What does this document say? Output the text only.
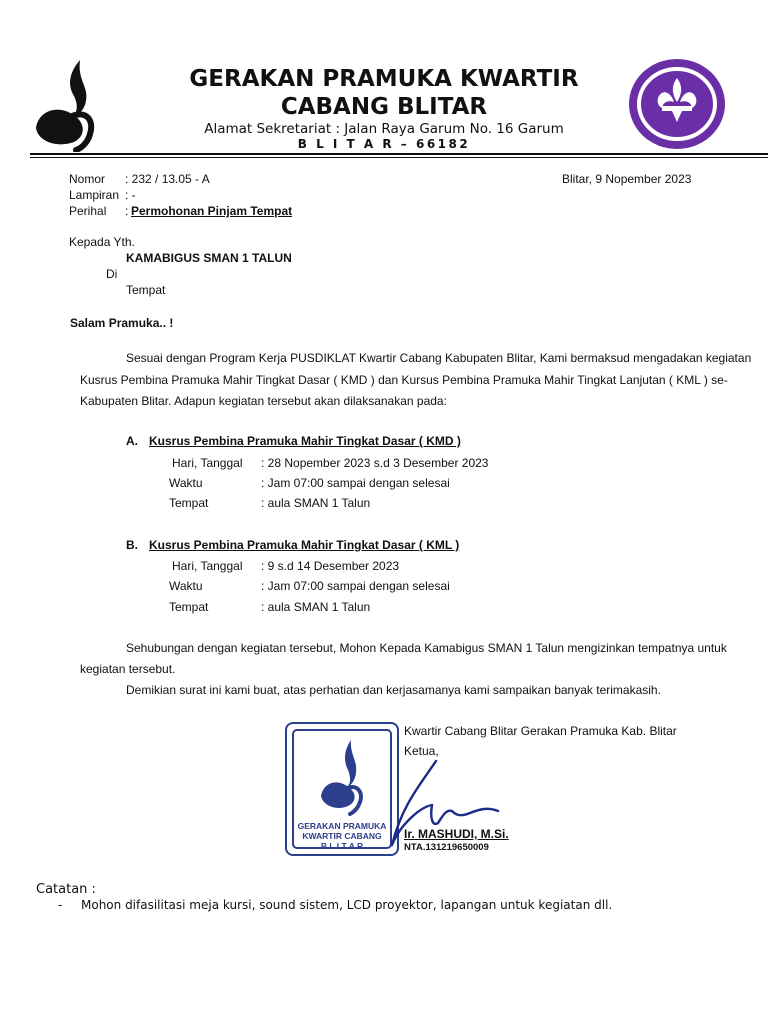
GERAKAN PRAMUKA KWARTIR
CABANG BLITAR
Alamat Sekretariat : Jalan Raya Garum No. 16 Garum
B L I T A R – 66182
Nomor : 232 / 13.05 - A	Blitar, 9 Nopember 2023
Lampiran : -
Perihal : Permohonan Pinjam Tempat
Kepada Yth.
KAMABIGUS SMAN 1 TALUN
Di
Tempat
Salam Pramuka.. !
Sesuai dengan Program Kerja PUSDIKLAT Kwartir Cabang Kabupaten Blitar, Kami bermaksud mengadakan kegiatan
Kusrus Pembina Pramuka Mahir Tingkat Dasar ( KMD ) dan Kursus Pembina Pramuka Mahir Tingkat Lanjutan ( KML ) se-
Kabupaten Blitar. Adapun kegiatan tersebut akan dilaksanakan pada:
A. Kusrus Pembina Pramuka Mahir Tingkat Dasar ( KMD )
Hari, Tanggal : 28 Nopember 2023 s.d 3 Desember 2023
Waktu	: Jam 07:00 sampai dengan selesai
Tempat	: aula SMAN 1 Talun
B. Kusrus Pembina Pramuka Mahir Tingkat Dasar ( KML )
Hari, Tanggal : 9 s.d 14 Desember 2023
Waktu	: Jam 07:00 sampai dengan selesai
Tempat	: aula SMAN 1 Talun
Sehubungan dengan kegiatan tersebut, Mohon Kepada Kamabigus SMAN 1 Talun mengizinkan tempatnya untuk
kegiatan tersebut.
Demikian surat ini kami buat, atas perhatian dan kerjasamanya kami sampaikan banyak terimakasih.
GERAKAN PRAMUKA
KWARTIR CABANG
B L I T A R
Kwartir Cabang Blitar Gerakan Pramuka Kab. Blitar
Ketua,
Ir. MASHUDI, M.Si.
NTA.131219650009
Catatan :
- Mohon difasilitasi meja kursi, sound sistem, LCD proyektor, lapangan untuk kegiatan dll.
